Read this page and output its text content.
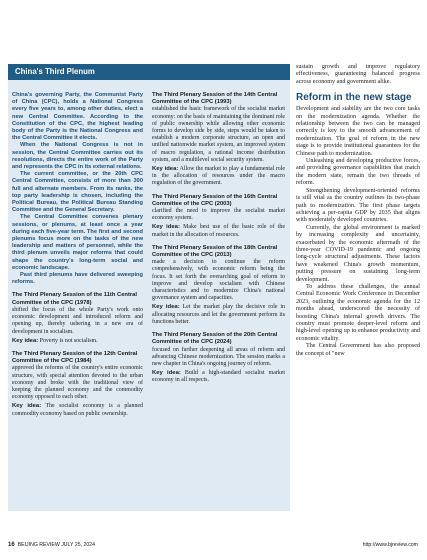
China's Third Plenum

China's governing Party, the Communist Party of China (CPC), holds a National Congress every five years to, among other duties, elect a new Central Committee. According to the Constitution of the CPC, the highest leading body of the Party is the National Congress and the Central Committee it elects.

When the National Congress is not in session, the Central Committee carries out its resolutions, directs the entire work of the Party and represents the CPC in its external relations.

The current committee, or the 20th CPC Central Committee, consists of more than 300 full and alternate members. From its ranks, the top party leadership is chosen, including the Political Bureau, the Political Bureau Standing Committee and the General Secretary.

The Central Committee convenes plenary sessions, or plenums, at least once a year during each five-year term. The first and second plenums focus more on the tasks of the new leadership and matters of personnel, while the third plenum unveils major reforms that could shape the country's long-term social and economic landscape.

Past third plenums have delivered sweeping reforms.

The Third Plenary Session of the 11th Central Committee of the CPC (1978)

shifted the focus of the whole Party's work onto economic development and introduced reform and opening up, thereby ushering in a new era of development in socialism.

Key idea: Poverty is not socialism.

The Third Plenary Session of the 12th Central Committee of the CPC (1984)

approved the reforms of the country's entire economic structure, with special attention devoted to the urban economy and broke with the traditional view of keeping the planned economy and the commodity economy opposed to each other.

Key idea: The socialist economy is a planned commodity economy based on public ownership.

The Third Plenary Session of the 14th Central Committee of the CPC (1993)

established the basic framework of the socialist market economy: on the basis of maintaining the dominant role of public ownership while allowing other economic forms to develop side by side, steps would be taken to establish a modern corporate structure, an open and unified nationwide market system, an improved system of macro regulation, a rational income distribution system, and a multilevel social security system.

Key idea: Allow the market to play a fundamental role in the allocation of resources under the macro regulation of the government.

The Third Plenary Session of the 16th Central Committee of the CPC (2003)

clarified the need to improve the socialist market economy system.

Key idea: Make best use of the basic role of the market in the allocation of resources.

The Third Plenary Session of the 18th Central Committee of the CPC (2013)

made a decision to continue the reform comprehensively, with economic reform being the focus. It set forth the overarching goal of reform to improve and develop socialism with Chinese characteristics and to modernize China's national governance system and capacities.

Key idea: Let the market play the decisive role in allocating resources and let the government perform its functions better.

The Third Plenary Session of the 20th Central Committee of the CPC (2024)

focused on further deepening all areas of reform and advancing Chinese modernization. The session marks a new chapter in China's ongoing journey of reform.

Key idea: Build a high-standard socialist market economy in all respects.

sustain growth and improve regulatory effectiveness, guaranteeing balanced progress across economy and government alike.

Reform in the new stage

Development and stability are the two core tasks on the modernization agenda. Whether the relationship between the two can be managed correctly is key to the smooth advancement of modernization. The goal of reform in the new stage is to provide institutional guarantees for the Chinese path to modernization.

Unleashing and developing productive forces, and providing governance capabilities that match the modern state, remain the two threads of reform.

Strengthening development-oriented reforms is still vital as the country outlines its two-phase path to modernization. The first phase targets achieving a per-capita GDP by 2035 that aligns with moderately developed countries.

Currently, the global environment is marked by increasing complexity and uncertainty, exacerbated by the economic aftermath of the three-year COVID-19 pandemic and ongoing long-cycle structural adjustments. These factors have weakened China's growth momentum, putting pressure on sustaining long-term development.

To address these challenges, the annual Central Economic Work Conference in December 2023, outlining the economic agenda for the 12 months ahead, underscored the necessity of boosting China's internal growth drivers. The country must promote deeper-level reform and high-level opening up to enhance productivity and economic vitality.

The Central Government has also proposed the concept of "new

16 BEIJING REVIEW JULY 25, 2024	http://www.bjreview.com
